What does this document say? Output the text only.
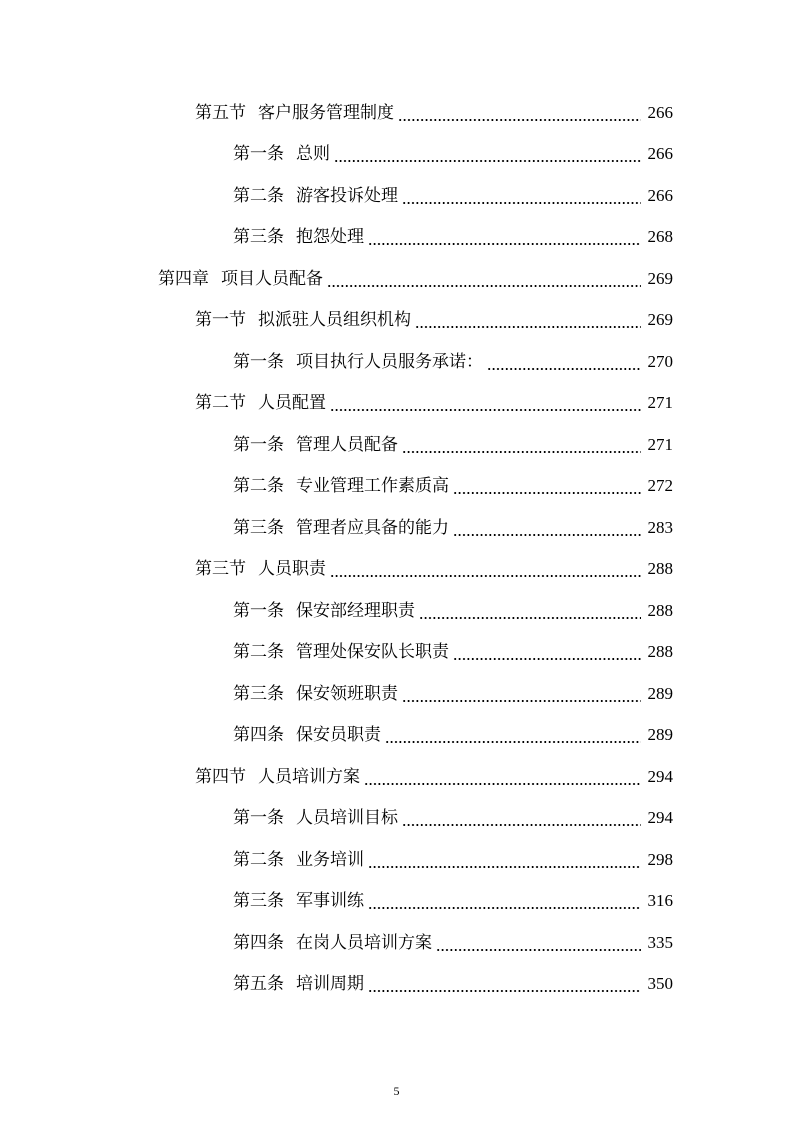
第五节 客户服务管理制度	266
第一条 总则	266
第二条 游客投诉处理	266
第三条 抱怨处理	268
第四章 项目人员配备	269
第一节 拟派驻人员组织机构	269
第一条 项目执行人员服务承诺：	270
第二节 人员配置	271
第一条 管理人员配备	271
第二条 专业管理工作素质高	272
第三条 管理者应具备的能力	283
第三节 人员职责	288
第一条 保安部经理职责	288
第二条 管理处保安队长职责	288
第三条 保安领班职责	289
第四条 保安员职责	289
第四节 人员培训方案	294
第一条 人员培训目标	294
第二条 业务培训	298
第三条 军事训练	316
第四条 在岗人员培训方案	335
第五条 培训周期	350
5
